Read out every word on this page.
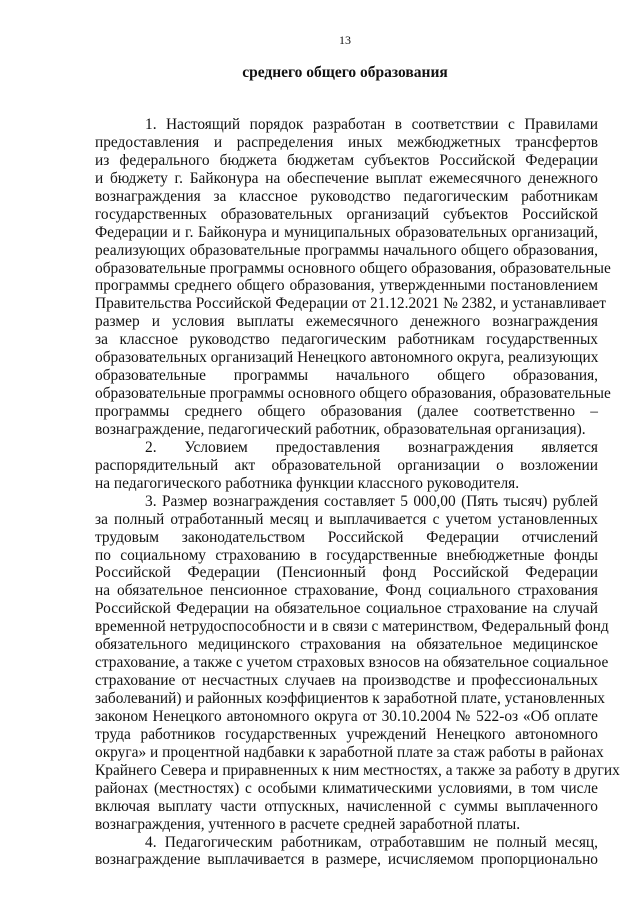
13
среднего общего образования
1. Настоящий порядок разработан в соответствии с Правилами
предоставления и распределения иных межбюджетных трансфертов
из федерального бюджета бюджетам субъектов Российской Федерации
и бюджету г. Байконура на обеспечение выплат ежемесячного денежного
вознаграждения за классное руководство педагогическим работникам
государственных образовательных организаций субъектов Российской
Федерации и г. Байконура и муниципальных образовательных организаций,
реализующих образовательные программы начального общего образования,
образовательные программы основного общего образования, образовательные
программы среднего общего образования, утвержденными постановлением
Правительства Российской Федерации от 21.12.2021 № 2382, и устанавливает
размер и условия выплаты ежемесячного денежного вознаграждения
за классное руководство педагогическим работникам государственных
образовательных организаций Ненецкого автономного округа, реализующих
образовательные программы начального общего образования,
образовательные программы основного общего образования, образовательные
программы среднего общего образования (далее соответственно –
вознаграждение, педагогический работник, образовательная организация).
2. Условием предоставления вознаграждения является
распорядительный акт образовательной организации о возложении
на педагогического работника функции классного руководителя.
3. Размер вознаграждения составляет 5 000,00 (Пять тысяч) рублей
за полный отработанный месяц и выплачивается с учетом установленных
трудовым законодательством Российской Федерации отчислений
по социальному страхованию в государственные внебюджетные фонды
Российской Федерации (Пенсионный фонд Российской Федерации
на обязательное пенсионное страхование, Фонд социального страхования
Российской Федерации на обязательное социальное страхование на случай
временной нетрудоспособности и в связи с материнством, Федеральный фонд
обязательного медицинского страхования на обязательное медицинское
страхование, а также с учетом страховых взносов на обязательное социальное
страхование от несчастных случаев на производстве и профессиональных
заболеваний) и районных коэффициентов к заработной плате, установленных
законом Ненецкого автономного округа от 30.10.2004 № 522-оз «Об оплате
труда работников государственных учреждений Ненецкого автономного
округа» и процентной надбавки к заработной плате за стаж работы в районах
Крайнего Севера и приравненных к ним местностях, а также за работу в других
районах (местностях) с особыми климатическими условиями, в том числе
включая выплату части отпускных, начисленной с суммы выплаченного
вознаграждения, учтенного в расчете средней заработной платы.
4. Педагогическим работникам, отработавшим не полный месяц,
вознаграждение выплачивается в размере, исчисляемом пропорционально
